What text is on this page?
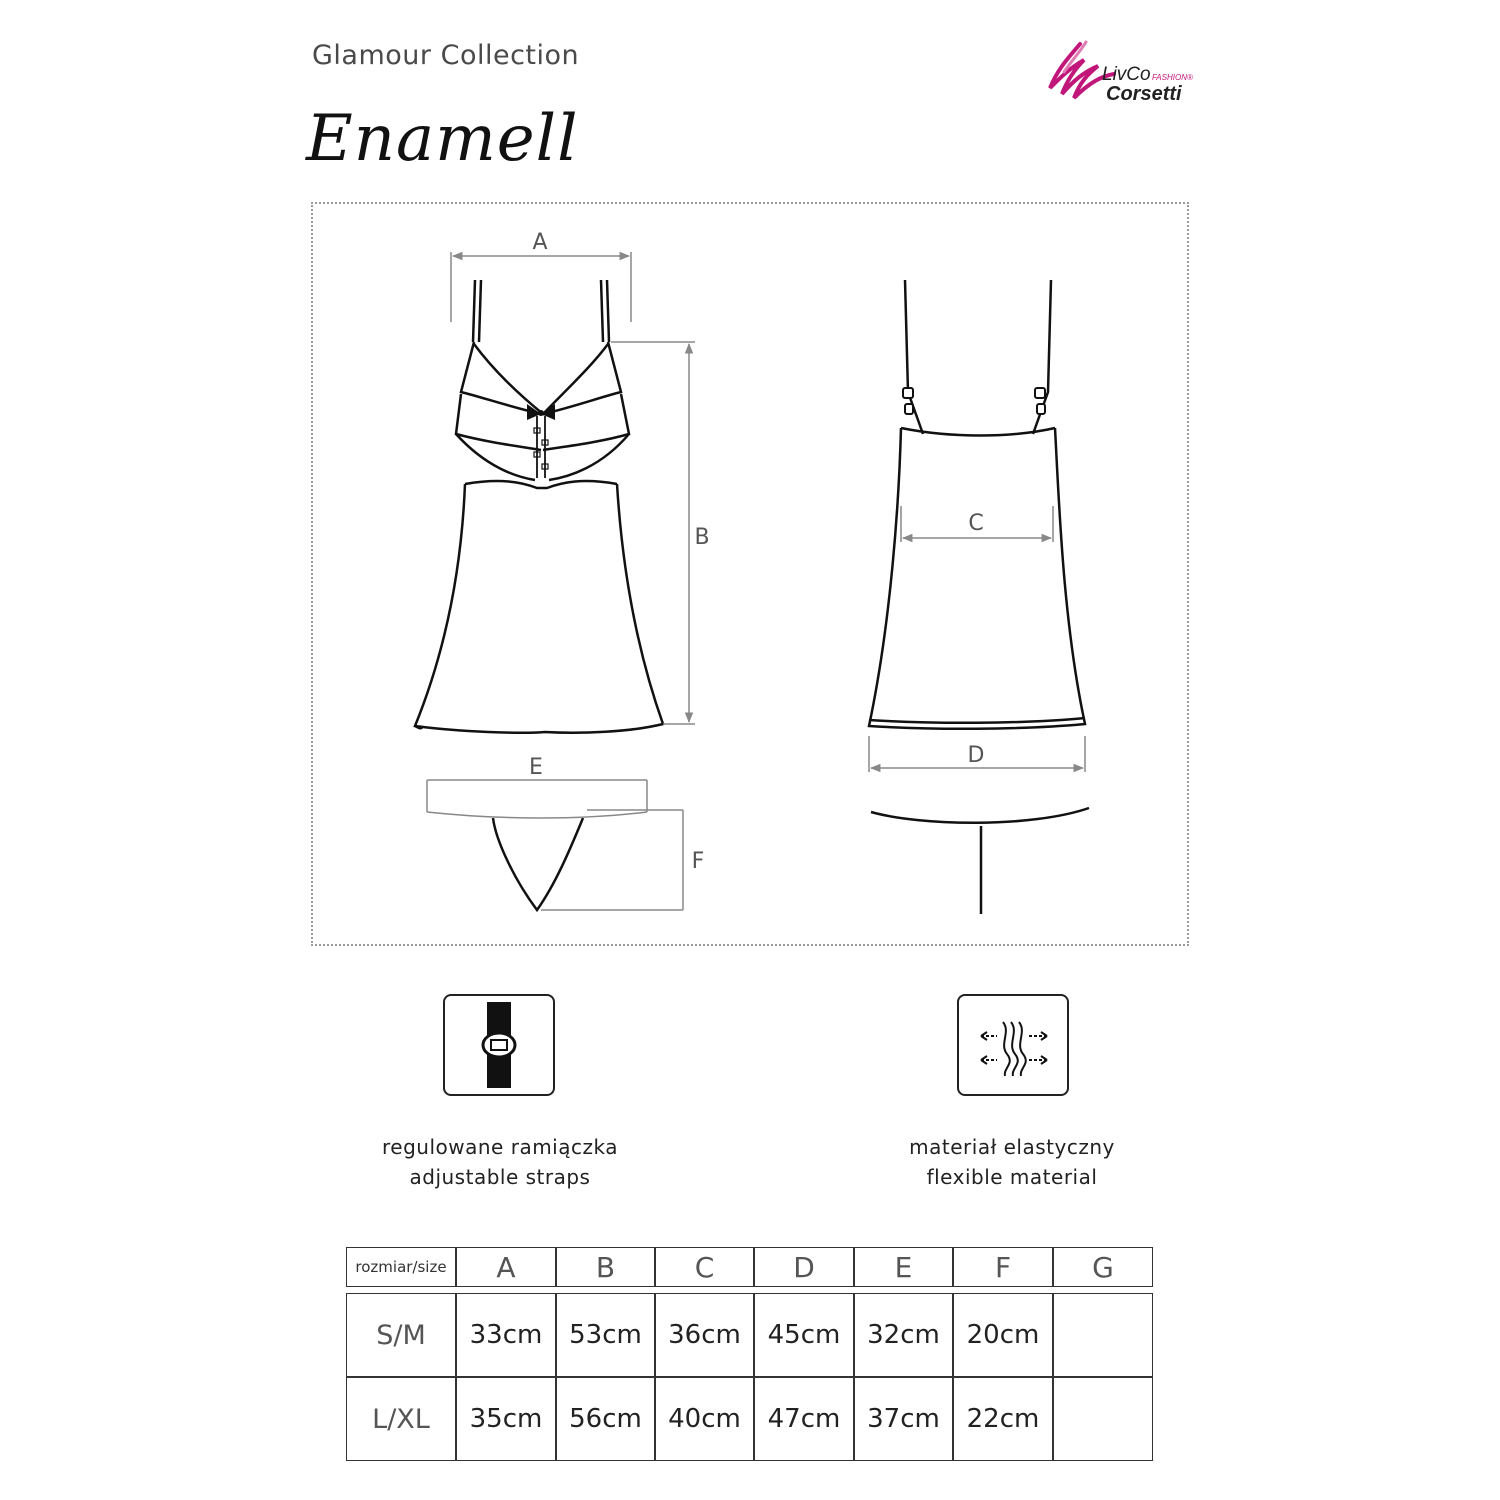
Glamour Collection
Enamell
LivCo FASHION®
Corsetti
A
B
E
F
C
D
regulowane ramiączka
adjustable straps
materiał elastyczny
flexible material
rozmiar/size	A	B	C	D	E	F	G

S/M	33cm	53cm	36cm	45cm	32cm	20cm	
L/XL	35cm	56cm	40cm	47cm	37cm	22cm	
